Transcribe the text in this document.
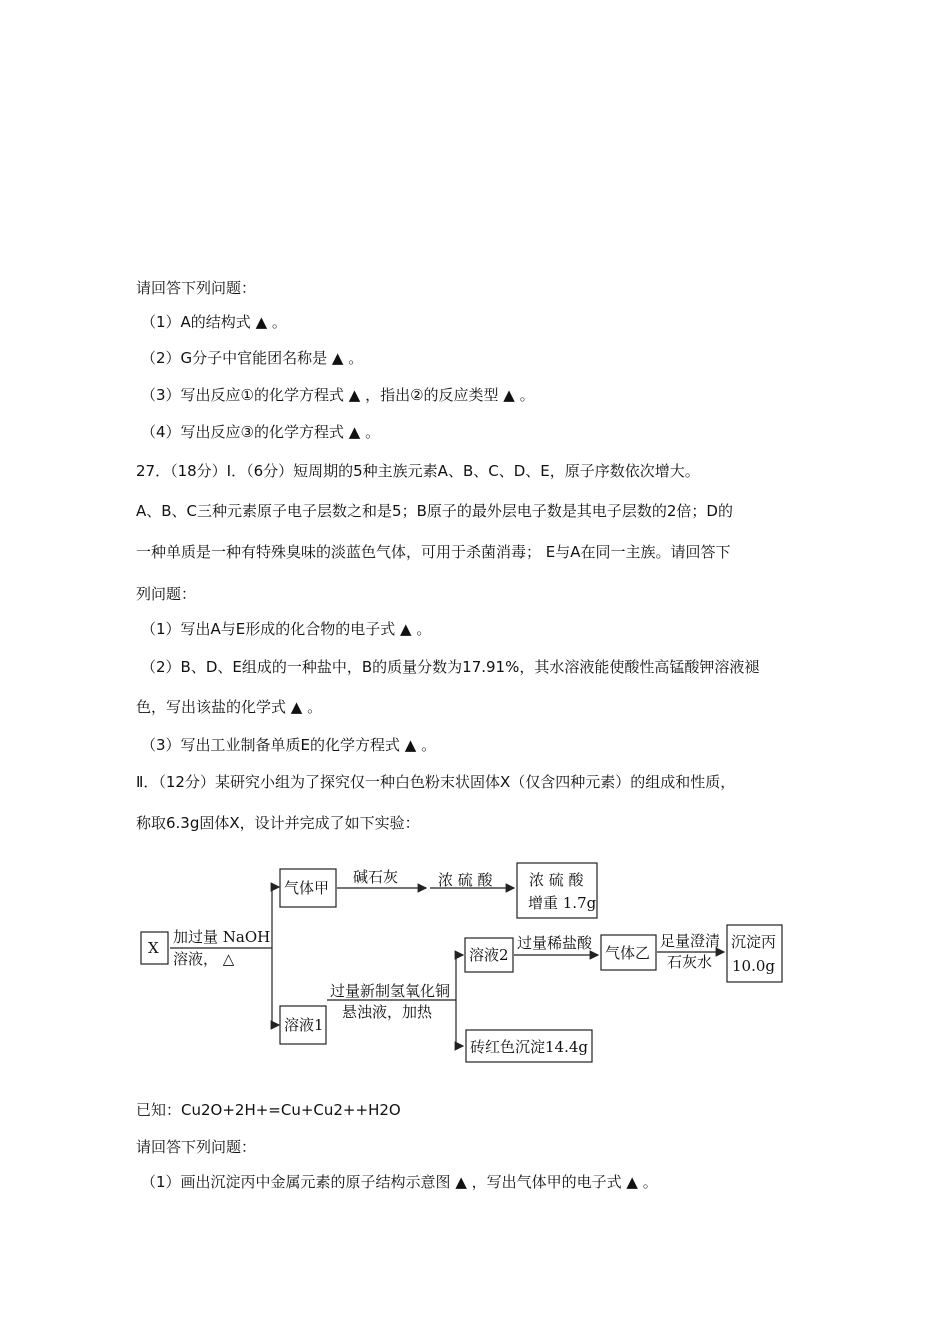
请回答下列问题：
（1）A的结构式 ▲ 。
（2）G分子中官能团名称是 ▲ 。
（3）写出反应①的化学方程式 ▲ ，指出②的反应类型 ▲ 。
（4）写出反应③的化学方程式 ▲ 。
27．（18分）Ⅰ．（6分）短周期的5种主族元素A、B、C、D、E，原子序数依次增大。
A、B、C三种元素原子电子层数之和是5；B原子的最外层电子数是其电子层数的2倍；D的
一种单质是一种有特殊臭味的淡蓝色气体，可用于杀菌消毒； E与A在同一主族。请回答下
列问题：
（1）写出A与E形成的化合物的电子式 ▲ 。
（2）B、D、E组成的一种盐中，B的质量分数为17.91%，其水溶液能使酸性高锰酸钾溶液褪
色，写出该盐的化学式 ▲ 。
（3）写出工业制备单质E的化学方程式 ▲ 。
Ⅱ．（12分）某研究小组为了探究仅一种白色粉末状固体X（仅含四种元素）的组成和性质，
称取6.3g固体X，设计并完成了如下实验：
已知：Cu2O+2H+=Cu+Cu2++H2O
请回答下列问题：
（1）画出沉淀丙中金属元素的原子结构示意图 ▲ ，写出气体甲的电子式 ▲ 。
X
加过量 NaOH
溶液， △
气体甲
碱石灰	浓 硫 酸 浓 硫 酸
增重 1.7g
溶液1
过量新制氢氧化铜
悬浊液，加热
溶液2
过量稀盐酸
气体乙
足量澄清
石灰水
沉淀丙
10.0g
砖红色沉淀14.4g
